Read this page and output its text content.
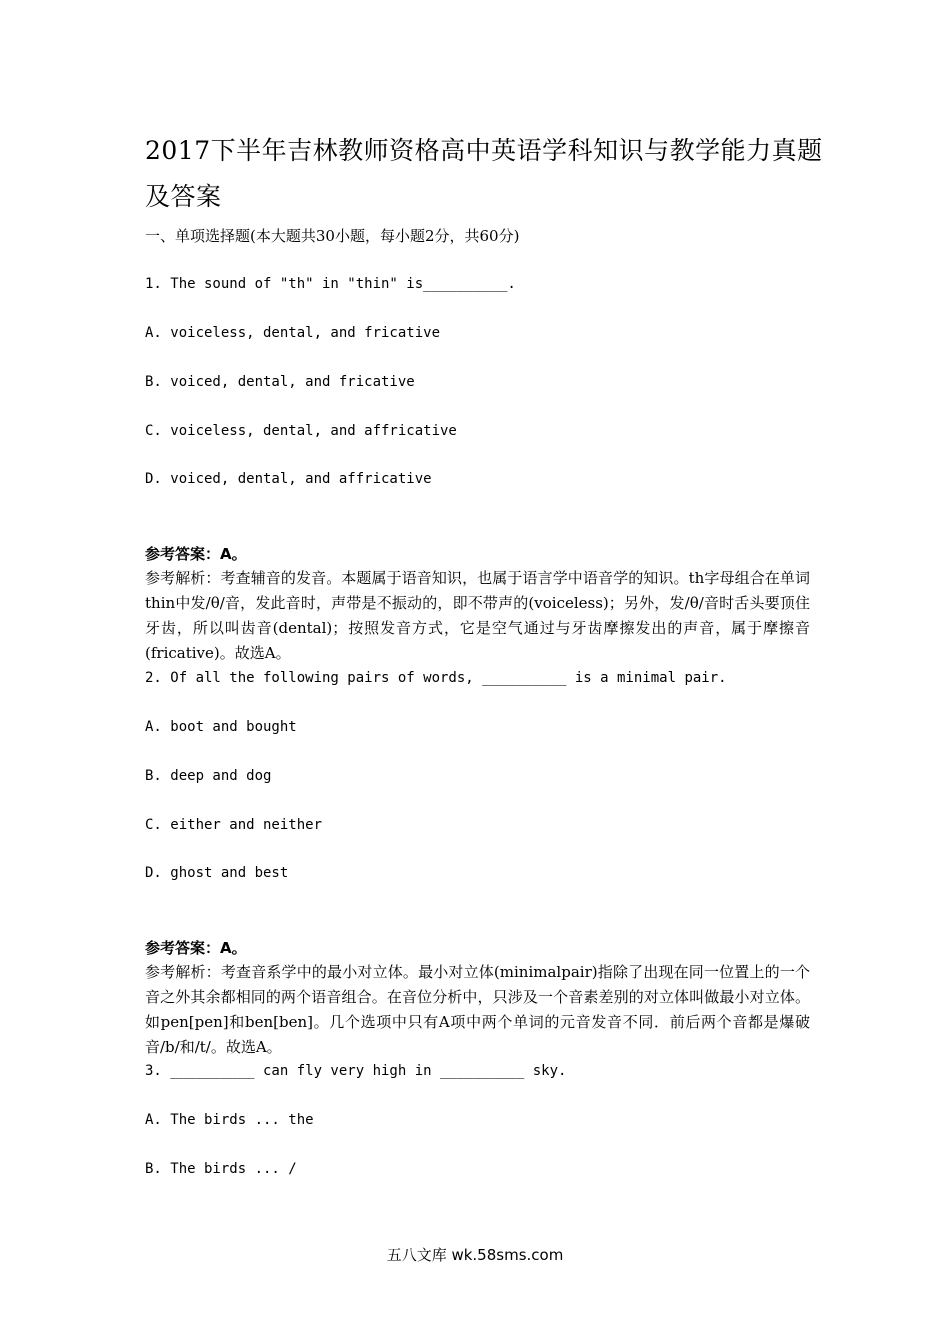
2017下半年吉林教师资格高中英语学科知识与教学能力真题及答案
一、单项选择题(本大题共30小题，每小题2分，共60分)
1. The sound of "th" in "thin" is__________.
A. voiceless, dental, and fricative
B. voiced, dental, and fricative
C. voiceless, dental, and affricative
D. voiced, dental, and affricative
参考答案：A。
参考解析：考查辅音的发音。本题属于语音知识，也属于语言学中语音学的知识。th字母组合在单词thin中发/θ/音，发此音时，声带是不振动的，即不带声的(voiceless)；另外，发/θ/音时舌头要顶住牙齿，所以叫齿音(dental)；按照发音方式，它是空气通过与牙齿摩擦发出的声音，属于摩擦音(fricative)。故选A。
2. Of all the following pairs of words, __________ is a minimal pair.
A. boot and bought
B. deep and dog
C. either and neither
D. ghost and best
参考答案：A。
参考解析：考查音系学中的最小对立体。最小对立体(minimalpair)指除了出现在同一位置上的一个音之外其余都相同的两个语音组合。在音位分析中，只涉及一个音素差别的对立体叫做最小对立体。如pen[pen]和ben[ben]。几个选项中只有A项中两个单词的元音发音不同．前后两个音都是爆破音/b/和/t/。故选A。
3. __________ can fly very high in __________ sky.
A. The birds ... the
B. The birds ... /
五八文库 wk.58sms.com
